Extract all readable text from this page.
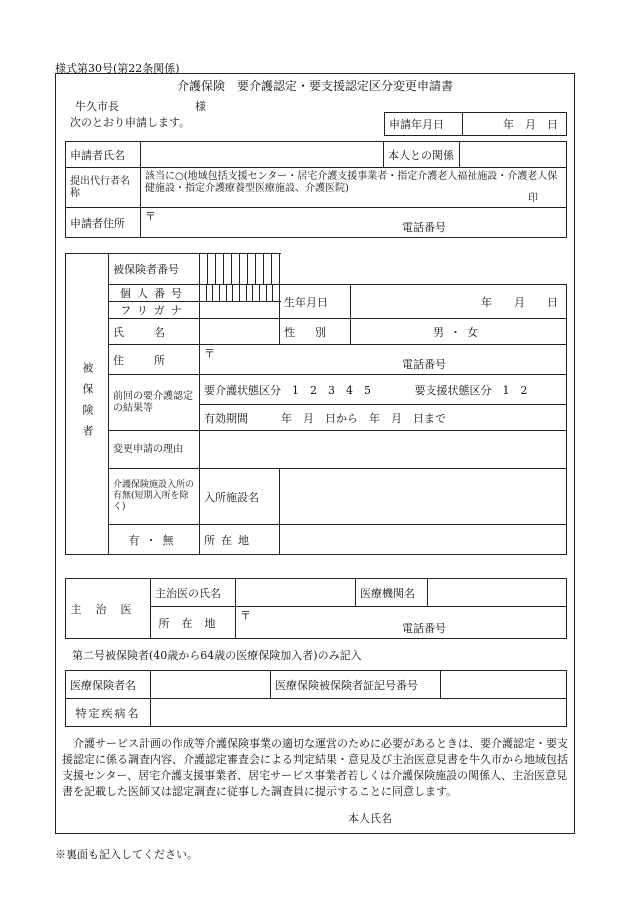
様式第30号(第22条関係)
介護保険　要介護認定・要支援認定区分変更申請書
牛久市長	様
次のとおり申請します。	申請年月日	年　月　日
申請者氏名		本人との関係	
提出代行者名称	該当に○(地域包括支援センター・居宅介護支援事業者・指定介護老人福祉施設・介護老人保健施設・指定介護療養型医療施設、介護医院)
印		

申請者住所	〒
電話番号		
被保険者	被保険者番号		

	個人番号		生年月日	年　　月　　日
	フリガナ			
	氏名		性別	男・女
	住所	〒
電話番号		

	前回の要介護認定の結果等	要介護状態区分　1　2　3　4　5 要支援状態区分　1　2		
		有効期間　　　年　月　日から　年　月　日まで		
	変更申請の理由			
	介護保険施設入所の有無(短期入所を除く)	入所施設名		
	有・無	所在地		
主治医	主治医の氏名		医療機関名	
	所在地	〒
電話番号		
第二号被保険者(40歳から64歳の医療保険加入者)のみ記入
医療保険者名		医療保険被保険者証記号番号	
特定疾病名			
介護サービス計画の作成等介護保険事業の適切な運営のために必要があるときは、要介護認定・要支援認定に係る調査内容、介護認定審査会による判定結果・意見及び主治医意見書を牛久市から地域包括支援センター、居宅介護支援事業者、居宅サービス事業者若しくは介護保険施設の関係人、主治医意見書を記載した医師又は認定調査に従事した調査員に提示することに同意します。
本人氏名
※裏面も記入してください。
